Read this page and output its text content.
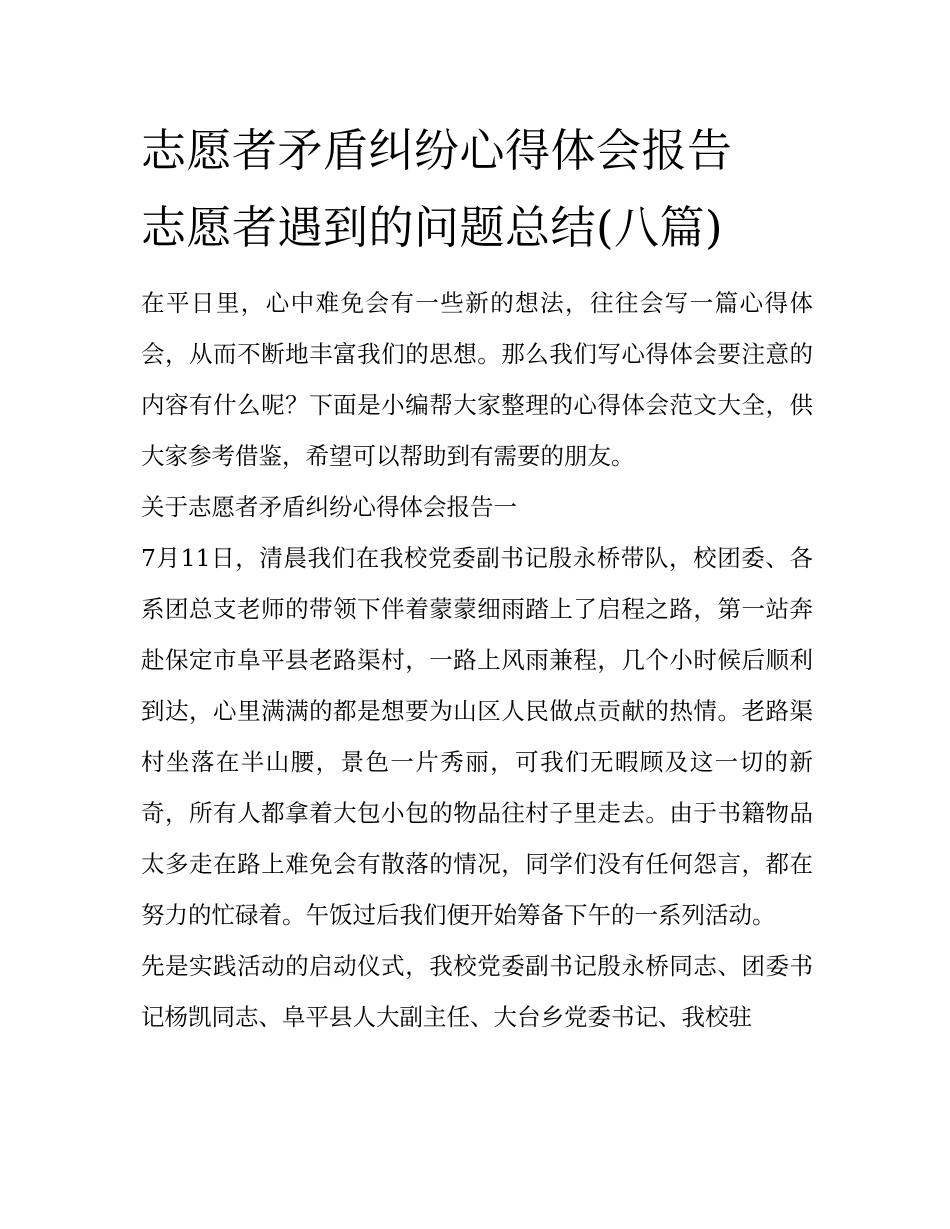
志愿者矛盾纠纷心得体会报告
志愿者遇到的问题总结(八篇)

在平日里，心中难免会有一些新的想法，往往会写一篇心得体会，从而不断地丰富我们的思想。那么我们写心得体会要注意的内容有什么呢？下面是小编帮大家整理的心得体会范文大全，供大家参考借鉴，希望可以帮助到有需要的朋友。

关于志愿者矛盾纠纷心得体会报告一

7月11日，清晨我们在我校党委副书记殷永桥带队，校团委、各系团总支老师的带领下伴着蒙蒙细雨踏上了启程之路，第一站奔赴保定市阜平县老路渠村，一路上风雨兼程，几个小时候后顺利到达，心里满满的都是想要为山区人民做点贡献的热情。老路渠村坐落在半山腰，景色一片秀丽，可我们无暇顾及这一切的新奇，所有人都拿着大包小包的物品往村子里走去。由于书籍物品太多走在路上难免会有散落的情况，同学们没有任何怨言，都在努力的忙碌着。午饭过后我们便开始筹备下午的一系列活动。

先是实践活动的启动仪式，我校党委副书记殷永桥同志、团委书记杨凯同志、阜平县人大副主任、大台乡党委书记、我校驻
